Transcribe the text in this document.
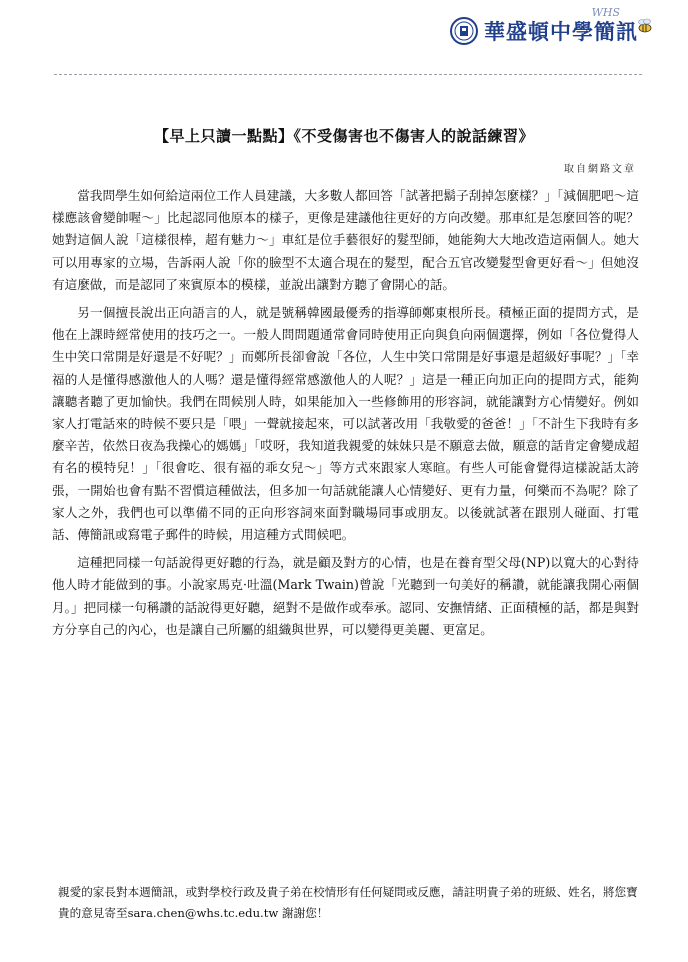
華盛頓中學簡訊
WHS
【早上只讀一點點】《不受傷害也不傷害人的說話練習》
取自網路文章

當我問學生如何給這兩位工作人員建議，大多數人都回答「試著把鬍子刮掉怎麼樣？」「減個肥吧～這樣應該會變帥喔～」比起認同他原本的樣子，更像是建議他往更好的方向改變。那車紅是怎麼回答的呢？她對這個人說「這樣很棒，超有魅力～」車紅是位手藝很好的髮型師，她能夠大大地改造這兩個人。她大可以用專家的立場，告訴兩人說「你的臉型不太適合現在的髮型，配合五官改變髮型會更好看～」但她沒有這麼做，而是認同了來賓原本的模樣，並說出讓對方聽了會開心的話。

另一個擅長說出正向語言的人，就是號稱韓國最優秀的指導師鄭東根所長。積極正面的提問方式，是他在上課時經常使用的技巧之一。一般人問問題通常會同時使用正向與負向兩個選擇，例如「各位覺得人生中笑口常開是好還是不好呢？」而鄭所長卻會說「各位，人生中笑口常開是好事還是超級好事呢？」「幸福的人是懂得感激他人的人嗎？還是懂得經常感激他人的人呢？」這是一種正向加正向的提問方式，能夠讓聽者聽了更加愉快。我們在問候別人時，如果能加入一些修飾用的形容詞，就能讓對方心情變好。例如家人打電話來的時候不要只是「喂」一聲就接起來，可以試著改用「我敬愛的爸爸！」「不計生下我時有多麼辛苦，依然日夜為我操心的媽媽」「哎呀，我知道我親愛的妹妹只是不願意去做，願意的話肯定會變成超有名的模特兒！」「很會吃、很有福的乖女兒～」等方式來跟家人寒暄。有些人可能會覺得這樣說話太誇張，一開始也會有點不習慣這種做法，但多加一句話就能讓人心情變好、更有力量，何樂而不為呢？除了家人之外，我們也可以準備不同的正向形容詞來面對職場同事或朋友。以後就試著在跟別人碰面、打電話、傳簡訊或寫電子郵件的時候，用這種方式問候吧。

這種把同樣一句話說得更好聽的行為，就是顧及對方的心情，也是在養育型父母(NP)以寬大的心對待他人時才能做到的事。小說家馬克·吐溫(Mark Twain)曾說「光聽到一句美好的稱讚，就能讓我開心兩個月。」把同樣一句稱讚的話說得更好聽，絕對不是做作或奉承。認同、安撫情緒、正面積極的話，都是與對方分享自己的內心，也是讓自己所屬的組織與世界，可以變得更美麗、更富足。

親愛的家長對本週簡訊，或對學校行政及貴子弟在校情形有任何疑問或反應，請註明貴子弟的班級、姓名，將您寶貴的意見寄至sara.chen@whs.tc.edu.tw 謝謝您！
